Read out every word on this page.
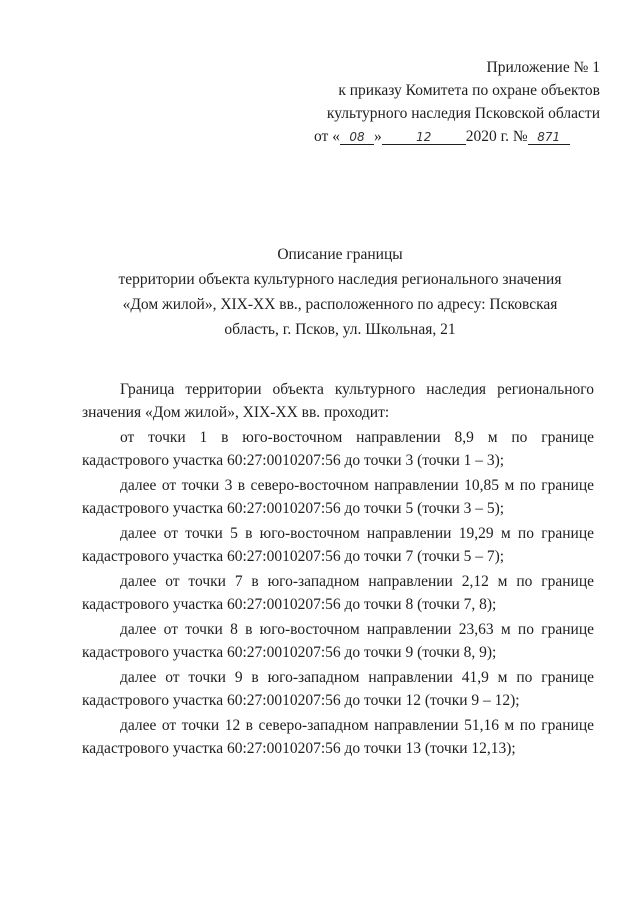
Приложение № 1
к приказу Комитета по охране объектов
культурного наследия Псковской области
от « 08 »	12 2020 г. № 871
Описание границы
территории объекта культурного наследия регионального значения
«Дом жилой», XIX-XX вв., расположенного по адресу: Псковская
область, г. Псков, ул. Школьная, 21

Граница территории объекта культурного наследия регионального значения «Дом жилой», XIX-XX вв. проходит:

от точки 1 в юго-восточном направлении 8,9 м по границе кадастрового участка 60:27:0010207:56 до точки 3 (точки 1 – 3);

далее от точки 3 в северо-восточном направлении 10,85 м по границе кадастрового участка 60:27:0010207:56 до точки 5 (точки 3 – 5);

далее от точки 5 в юго-восточном направлении 19,29 м по границе кадастрового участка 60:27:0010207:56 до точки 7 (точки 5 – 7);

далее от точки 7 в юго-западном направлении 2,12 м по границе кадастрового участка 60:27:0010207:56 до точки 8 (точки 7, 8);

далее от точки 8 в юго-восточном направлении 23,63 м по границе кадастрового участка 60:27:0010207:56 до точки 9 (точки 8, 9);

далее от точки 9 в юго-западном направлении 41,9 м по границе кадастрового участка 60:27:0010207:56 до точки 12 (точки 9 – 12);

далее от точки 12 в северо-западном направлении 51,16 м по границе кадастрового участка 60:27:0010207:56 до точки 13 (точки 12,13);
